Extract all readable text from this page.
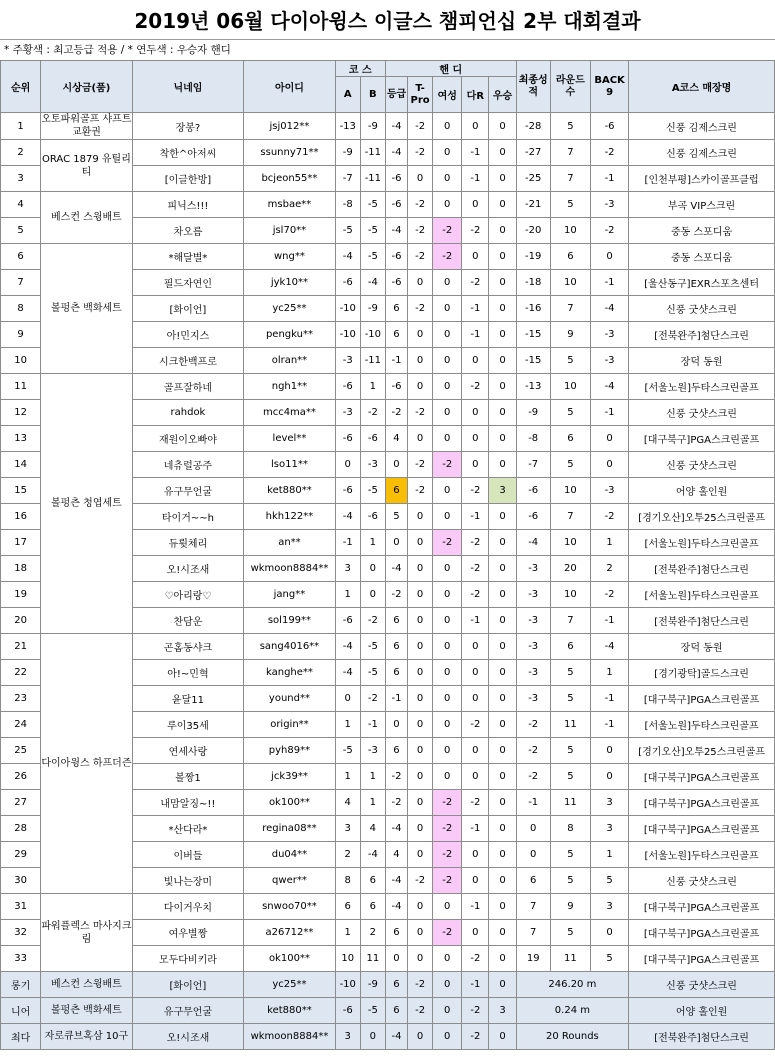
2019년 06월 다이아윙스 이글스 챔피언십 2부 대회결과
* 주황색 : 최고등급 적용 / * 연두색 : 우승자 핸디
순위	시상금(품)	닉네임	아이디	코 스		핸 디					최종성적	라운드 수	BACK 9	A코스 매장명
				A	B	등급	T-Pro	여성	다R	우승				
1	오토파워골프 샤프트 교환권	장봉?	jsj012**	-13	-9	-4	-2	0	0	0	-28	5	-6	신풍 김제스크린
2	ORAC 1879 유틸리티	착한^아저씨	ssunny71**	-9	-11	-4	-2	0	-1	0	-27	7	-2	신풍 김제스크린
3		[이글한방]	bcjeon55**	-7	-11	-6	0	0	-1	0	-25	7	-1	[인천부평]스카이골프클럽
4	베스컨 스윙배트	피닉스!!!	msbae**	-8	-5	-6	-2	0	0	0	-21	5	-3	부곡 VIP스크린
5		차오름	jsl70**	-5	-5	-4	-2	-2	-2	0	-20	10	-2	중동 스포디움
6	볼펑츤 백화세트	*해달별*	wng**	-4	-5	-6	-2	-2	0	0	-19	6	0	중동 스포디움
7		필드자연인	jyk10**	-6	-4	-6	0	0	-2	0	-18	10	-1	[울산동구]EXR스포츠센터
8		[화이언]	yc25**	-10	-9	6	-2	0	-1	0	-16	7	-4	신풍 굿샷스크린
9		아!민지스	pengku**	-10	-10	6	0	0	-1	0	-15	9	-3	[전북완주]첨단스크린
10		시크한백프로	olran**	-3	-11	-1	0	0	0	0	-15	5	-3	장덕 동원
11	볼펑츤 청엽세트	골프잘하네	ngh1**	-6	1	-6	0	0	-2	0	-13	10	-4	[서울노원]두타스크린골프
12		rahdok	mcc4ma**	-3	-2	-2	-2	0	0	0	-9	5	-1	신풍 굿샷스크린
13		재원이오빠야	level**	-6	-6	4	0	0	0	0	-8	6	0	[대구북구]PGA스크린골프
14		네츄럴공주	lso11**	0	-3	0	-2	-2	0	0	-7	5	0	신풍 굿샷스크린
15		유구무언굴	ket880**	-6	-5	6	-2	0	-2	3	-6	10	-3	어양 홀인원
16		타이거~~h	hkh122**	-4	-6	5	0	0	-1	0	-6	7	-2	[경기오산]오투25스크린골프
17		듀륏체리	an**	-1	1	0	0	-2	-2	0	-4	10	1	[서울노원]두타스크린골프
18		오!시조새	wkmoon8884**	3	0	-4	0	0	-2	0	-3	20	2	[전북완주]첨단스크린
19		♡아리랑♡	jang**	1	0	-2	0	0	-2	0	-3	10	-2	[서울노원]두타스크린골프
20		찬담운	sol199**	-6	-2	6	0	0	-1	0	-3	7	-1	[전북완주]첨단스크린
21	다이아윙스 하프더즌	곤홈동샤크	sang4016**	-4	-5	6	0	0	0	0	-3	6	-4	장덕 동원
22		아!~민혁	kanghe**	-4	-5	6	0	0	0	0	-3	5	1	[경기광탁]골드스크린
23		윤달11	yound**	0	-2	-1	0	0	0	0	-3	5	-1	[대구북구]PGA스크린골프
24		루이35세	origin**	1	-1	0	0	0	-2	0	-2	11	-1	[서울노원]두타스크린골프
25		연세사랑	pyh89**	-5	-3	6	0	0	0	0	-2	5	0	[경기오산]오투25스크린골프
26		볼짱1	jck39**	1	1	-2	0	0	0	0	-2	5	0	[대구북구]PGA스크린골프
27		내맘알징~!!	ok100**	4	1	-2	0	-2	-2	0	-1	11	3	[대구북구]PGA스크린골프
28		*산다라*	regina08**	3	4	-4	0	-2	-1	0	0	8	3	[대구북구]PGA스크린골프
29		이버들	du04**	2	-4	4	0	-2	0	0	0	5	1	[서울노원]두타스크린골프
30		빛나는장미	qwer**	8	6	-4	-2	-2	0	0	6	5	5	신풍 굿샷스크린
31	파워플렉스 마사지크림	다이거우치	snwoo70**	6	6	-4	0	0	-1	0	7	9	3	[대구북구]PGA스크린골프
32		여우별짱	a26712**	1	2	6	0	-2	0	0	7	5	0	[대구북구]PGA스크린골프
33		모두다비키라	ok100**	10	11	0	0	0	-2	0	19	11	5	[대구북구]PGA스크린골프
롱기	베스컨 스윙배트	[화이언]	yc25**	-10	-9	6	-2	0	-1	0	246.20 m			신풍 굿샷스크린
니어	볼펑츤 백화세트	유구무언굴	ket880**	-6	-5	6	-2	0	-2	3	0.24 m			어양 홀인원
최다	자로큐브혹삼 10구	오!시조새	wkmoon8884**	3	0	-4	0	0	-2	0	20 Rounds			[전북완주]첨단스크린
